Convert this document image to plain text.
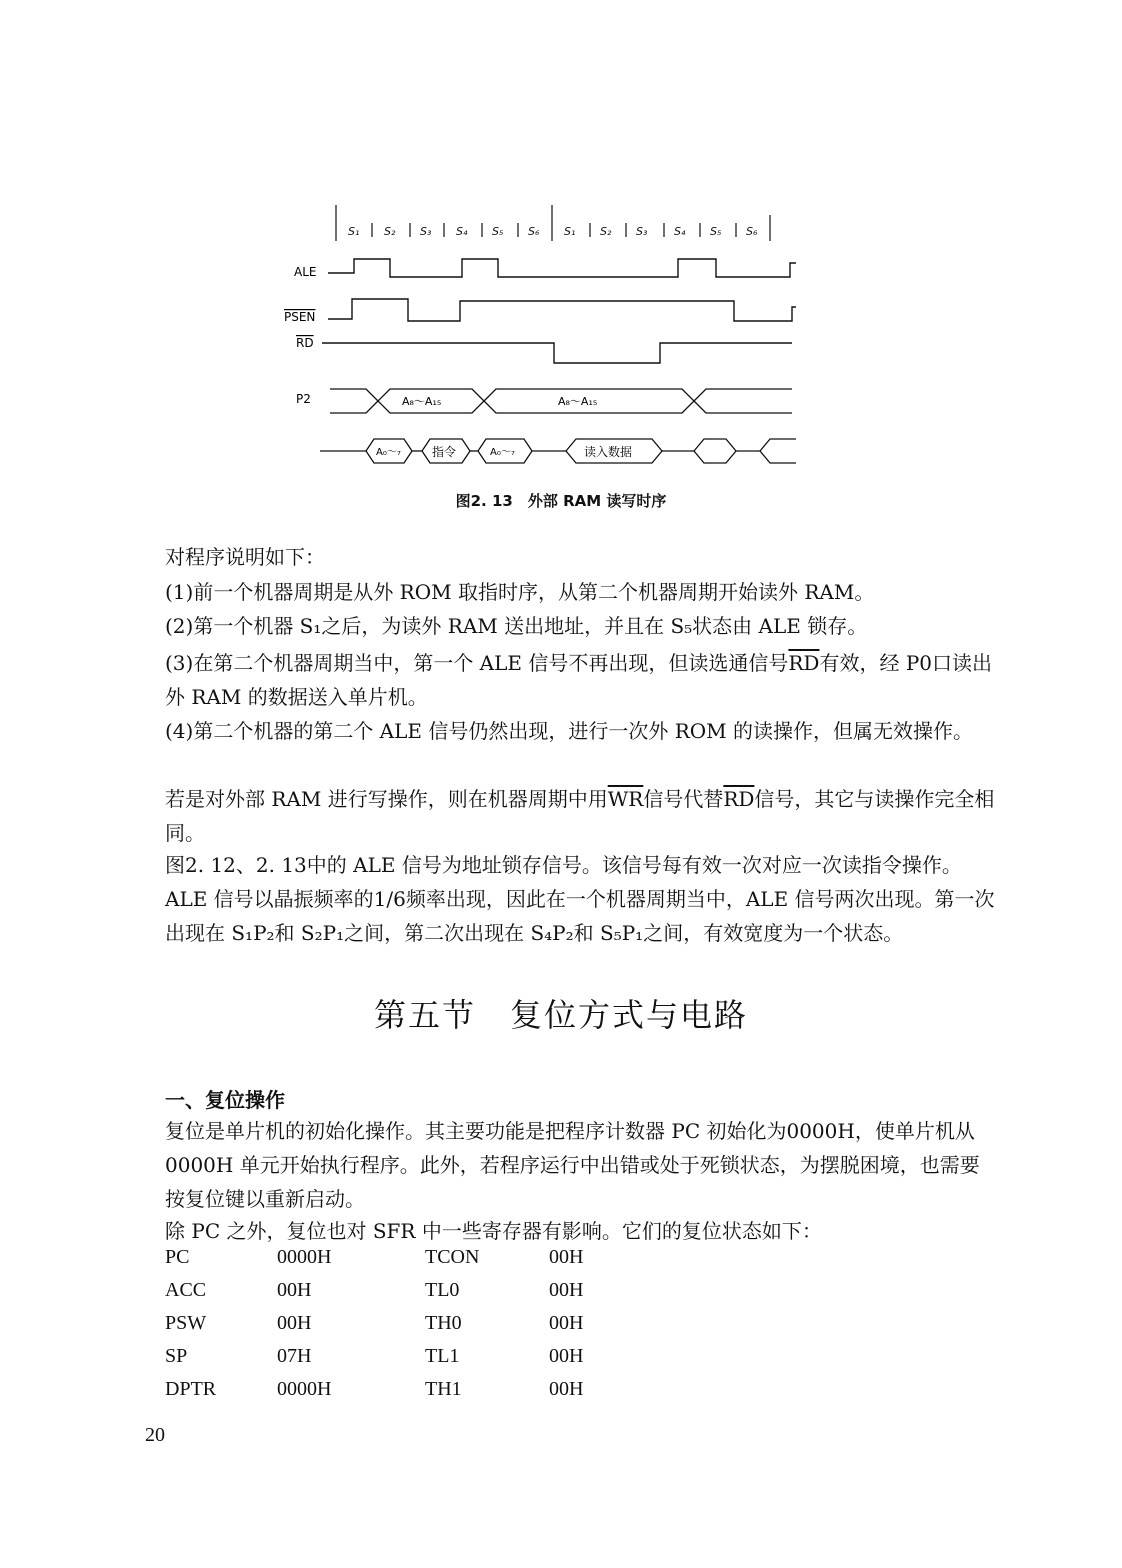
S₁ S₂ S₃ S₄ S₅ S₆ S₁ S₂ S₃ S₄ S₅ S₆
ALE
PSEN
RD
P2	A₈～A₁₅	A₈～A₁₅
A₀～₇	指令	A₀～₇	读入数据
图2. 13　外部 RAM 读写时序

对程序说明如下：

(1)前一个机器周期是从外 ROM 取指时序，从第二个机器周期开始读外 RAM。

(2)第一个机器 S₁之后，为读外 RAM 送出地址，并且在 S₅状态由 ALE 锁存。

(3)在第二个机器周期当中，第一个 ALE 信号不再出现，但读选通信号$\overline{RD}$有效，经 P0口读出外 RAM 的数据送入单片机。

(4)第二个机器的第二个 ALE 信号仍然出现，进行一次外 ROM 的读操作，但属无效操作。

若是对外部 RAM 进行写操作，则在机器周期中用$\overline{WR}$信号代替$\overline{RD}$信号，其它与读操作完全相同。

图2. 12、2. 13中的 ALE 信号为地址锁存信号。该信号每有效一次对应一次读指令操作。ALE 信号以晶振频率的1/6频率出现，因此在一个机器周期当中，ALE 信号两次出现。第一次出现在 S₁P₂和 S₂P₁之间，第二次出现在 S₄P₂和 S₅P₁之间，有效宽度为一个状态。

第五节　复位方式与电路
一、复位操作

复位是单片机的初始化操作。其主要功能是把程序计数器 PC 初始化为0000H，使单片机从0000H 单元开始执行程序。此外，若程序运行中出错或处于死锁状态，为摆脱困境，也需要按复位键以重新启动。

除 PC 之外，复位也对 SFR 中一些寄存器有影响。它们的复位状态如下：

PC	0000H	TCON	00H
ACC	00H	TL0	00H
PSW	00H	TH0	00H
SP	07H	TL1	00H
DPTR	0000H	TH1	00H
20
